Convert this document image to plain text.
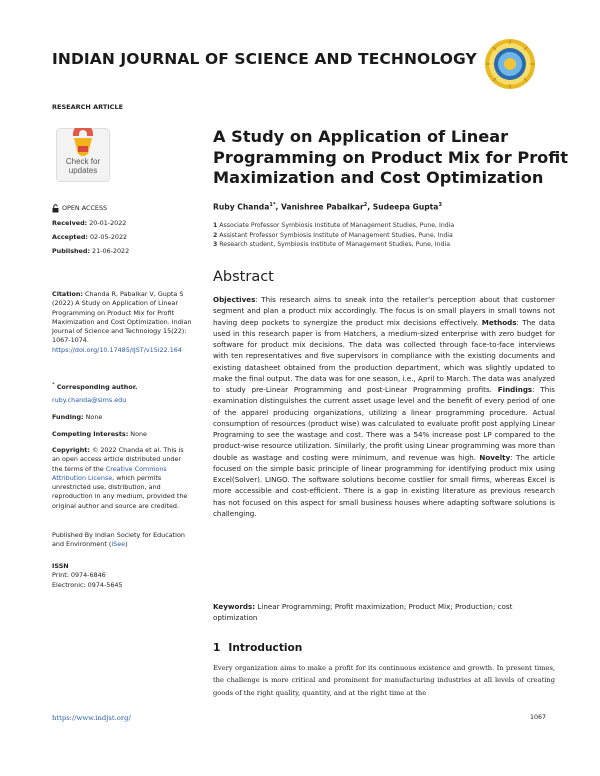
INDIAN JOURNAL OF SCIENCE AND TECHNOLOGY
RESEARCH ARTICLE
Check for
updates
A Study on Application of Linear Programming on Product Mix for Profit Maximization and Cost Optimization
Ruby Chanda$^{1*}$, Vanishree Pabalkar$^2$, Sudeepa Gupta$^3$
1 Associate Professor Symbiosis Institute of Management Studies, Pune, India
2 Assistant Professor Symbiosis Institute of Management Studies, Pune, India
3 Research student, Symbiosis Institute of Management Studies, Pune, India
OPEN ACCESS
Received: 20-01-2022
Accepted: 02-05-2022
Published: 21-06-2022
Citation: Chanda R, Pabalkar V, Gupta S (2022) A Study on Application of Linear Programming on Product Mix for Profit Maximization and Cost Optimization. Indian Journal of Science and Technology 15(22): 1067-1074. https://doi.org/10.17485/IJST/v15i22.164
* Corresponding author.
ruby.chanda@sims.edu
Funding: None
Competing Interests: None
Copyright: © 2022 Chanda et al. This is an open access article distributed under the terms of the Creative Commons Attribution License, which permits unrestricted use, distribution, and reproduction in any medium, provided the original author and source are credited.
Published By Indian Society for Education and Environment (iSee)
ISSN
Print: 0974-6846
Electronic: 0974-5645
Abstract
Objectives: This research aims to sneak into the retailer’s perception about that customer segment and plan a product mix accordingly. The focus is on small players in small towns not having deep pockets to synergize the product mix decisions effectively. Methods: The data used in this research paper is from Hatchers, a medium-sized enterprise with zero budget for software for product mix decisions. The data was collected through face-to-face interviews with ten representatives and five supervisors in compliance with the existing documents and existing datasheet obtained from the production department, which was slightly updated to make the final output. The data was for one season, i.e., April to March. The data was analyzed to study pre-Linear Programming and post-Linear Programming profits. Findings: This examination distinguishes the current asset usage level and the benefit of every period of one of the apparel producing organizations, utilizing a linear programming procedure. Actual consumption of resources (product wise) was calculated to evaluate profit post applying Linear Programing to see the wastage and cost. There was a 54% increase post LP compared to the product-wise resource utilization. Similarly, the profit using Linear programming was more than double as wastage and costing were minimum, and revenue was high. Novelty: The article focused on the simple basic principle of linear programming for identifying product mix using Excel(Solver). LINGO. The software solutions become costlier for small firms, whereas Excel is more accessible and cost-efficient. There is a gap in existing literature as previous research has not focused on this aspect for small business houses where adapting software solutions is challenging.
Keywords: Linear Programming; Profit maximization; Product Mix; Production; cost optimization
1 Introduction
Every organization aims to make a profit for its continuous existence and growth. In present times, the challenge is more critical and prominent for manufacturing industries at all levels of creating goods of the right quality, quantity, and at the right time at the
https://www.indjst.org/	1067
